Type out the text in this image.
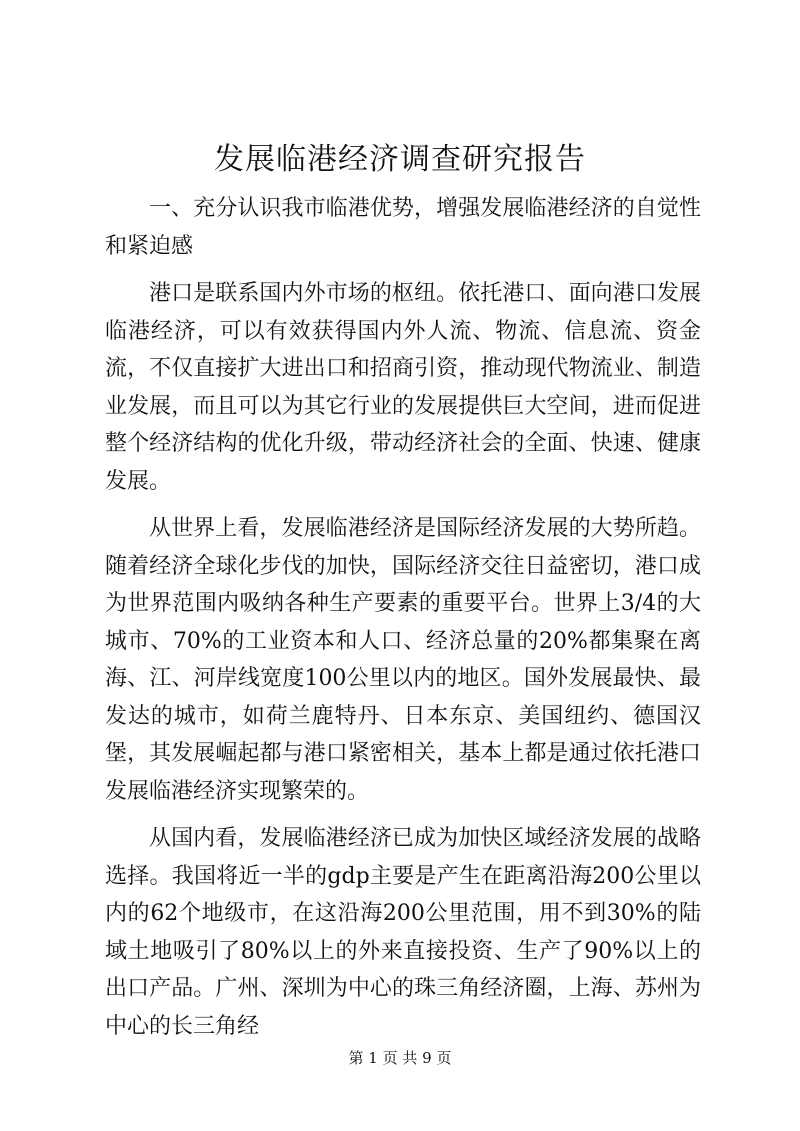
发展临港经济调查研究报告

一、充分认识我市临港优势，增强发展临港经济的自觉性和紧迫感

港口是联系国内外市场的枢纽。依托港口、面向港口发展临港经济，可以有效获得国内外人流、物流、信息流、资金流，不仅直接扩大进出口和招商引资，推动现代物流业、制造业发展，而且可以为其它行业的发展提供巨大空间，进而促进整个经济结构的优化升级，带动经济社会的全面、快速、健康发展。

从世界上看，发展临港经济是国际经济发展的大势所趋。随着经济全球化步伐的加快，国际经济交往日益密切，港口成为世界范围内吸纳各种生产要素的重要平台。世界上3/4的大城市、70%的工业资本和人口、经济总量的20%都集聚在离海、江、河岸线宽度100公里以内的地区。国外发展最快、最发达的城市，如荷兰鹿特丹、日本东京、美国纽约、德国汉堡，其发展崛起都与港口紧密相关，基本上都是通过依托港口发展临港经济实现繁荣的。

从国内看，发展临港经济已成为加快区域经济发展的战略选择。我国将近一半的gdp主要是产生在距离沿海200公里以内的62个地级市，在这沿海200公里范围，用不到30%的陆域土地吸引了80%以上的外来直接投资、生产了90%以上的出口产品。广州、深圳为中心的珠三角经济圈，上海、苏州为中心的长三角经

第 1 页 共 9 页
